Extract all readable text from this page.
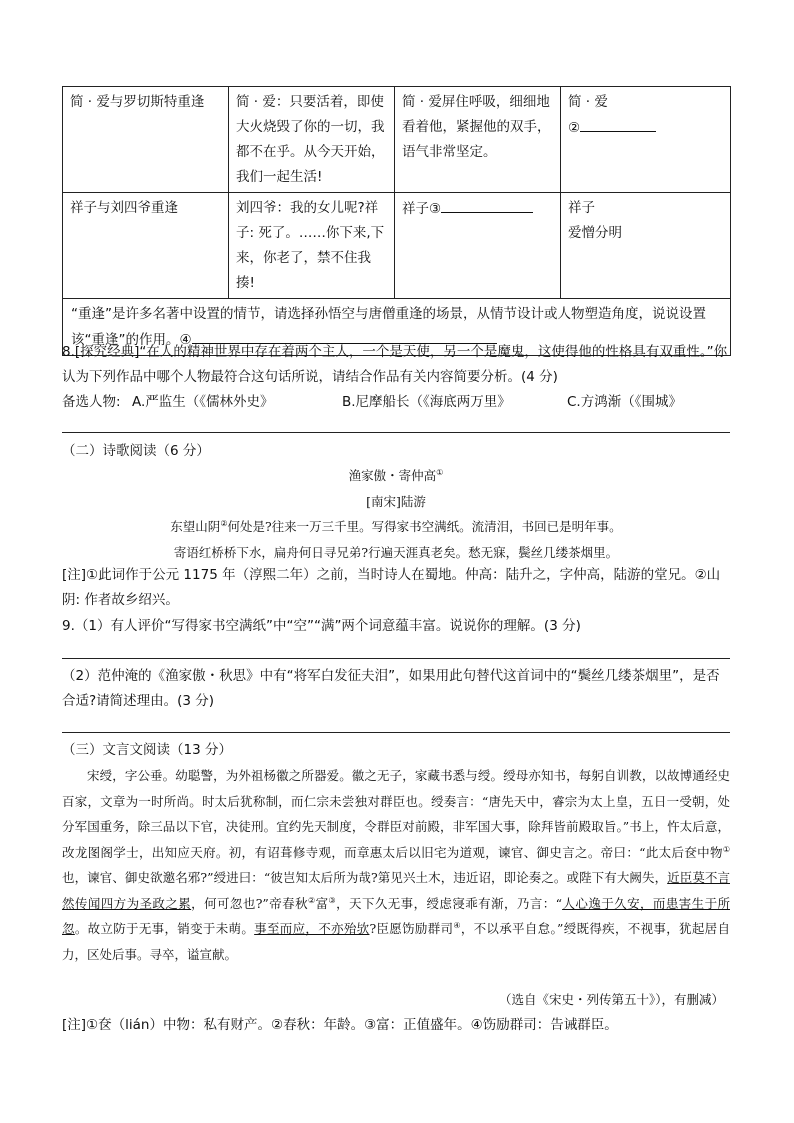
简 · 爱与罗切斯特重逢	简 · 爱：只要活着，即使大火烧毁了你的一切，我都不在乎。从今天开始，我们一起生活!	简 · 爱屏住呼吸，细细地看着他，紧握他的双手，语气非常坚定。	简 · 爱
②

祥子与刘四爷重逢	刘四爷：我的女儿呢?祥子: 死了。……你下来,下来，你老了，禁不住我揍!	祥子③	祥子
爱憎分明

“重逢”是许多名著中设置的情节，请选择孙悟空与唐僧重逢的场景，从情节设计或人物塑造角度，说说设置该“重逢”的作用。④			
8.[探究经典]“在人的精神世界中存在着两个主人，一个是天使，另一个是魔鬼，这使得他的性格具有双重性。”你认为下列作品中哪个人物最符合这句话所说，请结合作品有关内容简要分析。(4 分)
备选人物: A.严监生（《儒林外史》	B.尼摩船长（《海底两万里》	C.方鸿渐（《围城》
（二）诗歌阅读（6 分）
渔家傲・寄仲高①
[南宋]陆游
东望山阴②何处是?往来一万三千里。写得家书空满纸。流清泪，书回已是明年事。
寄语红桥桥下水，扁舟何日寻兄弟?行遍天涯真老矣。愁无寐，鬓丝几缕茶烟里。
[注]①此词作于公元 1175 年（淳熙二年）之前，当时诗人在蜀地。仲高：陆升之，字仲高，陆游的堂兄。②山阴: 作者故乡绍兴。
9.（1）有人评价“写得家书空满纸”中“空”“满”两个词意蕴丰富。说说你的理解。(3 分)
（2）范仲淹的《渔家傲・秋思》中有“将军白发征夫泪”，如果用此句替代这首词中的“鬓丝几缕茶烟里”，是否合适?请简述理由。(3 分)
（三）文言文阅读（13 分）
宋绶，字公垂。幼聪警，为外祖杨徽之所器爱。徽之无子，家藏书悉与绶。绶母亦知书，每躬自训教，以故博通经史百家，文章为一时所尚。时太后犹称制，而仁宗未尝独对群臣也。绶奏言：“唐先天中，睿宗为太上皇，五日一受朝，处分军国重务，除三品以下官，决徒刑。宜约先天制度，令群臣对前殿，非军国大事，除拜皆前殿取旨。”书上，忤太后意，改龙图阁学士，出知应天府。初，有诏葺修寺观，而章惠太后以旧宅为道观，谏官、御史言之。帝曰：“此太后奁中物①也，谏官、御史欲邀名邪?”绶进曰：“彼岂知太后所为哉?第见兴土木，违近诏，即论奏之。或陛下有大阙失，近臣莫不言然传闻四方为圣政之累，何可忽也?”帝春秋②富③，天下久无事，绶虑寖乖有渐，乃言：“人心逸于久安，而患害生于所忽。故立防于无事，销变于未萌。事至而应，不亦殆欤?臣愿饬励群司④，不以承平自怠。”绶既得疾，不视事，犹起居自力，区处后事。寻卒，谥宣献。
（选自《宋史・列传第五十》），有删减）
[注]①奁（lián）中物：私有财产。②春秋：年龄。③富：正值盛年。④饬励群司：告诫群臣。
